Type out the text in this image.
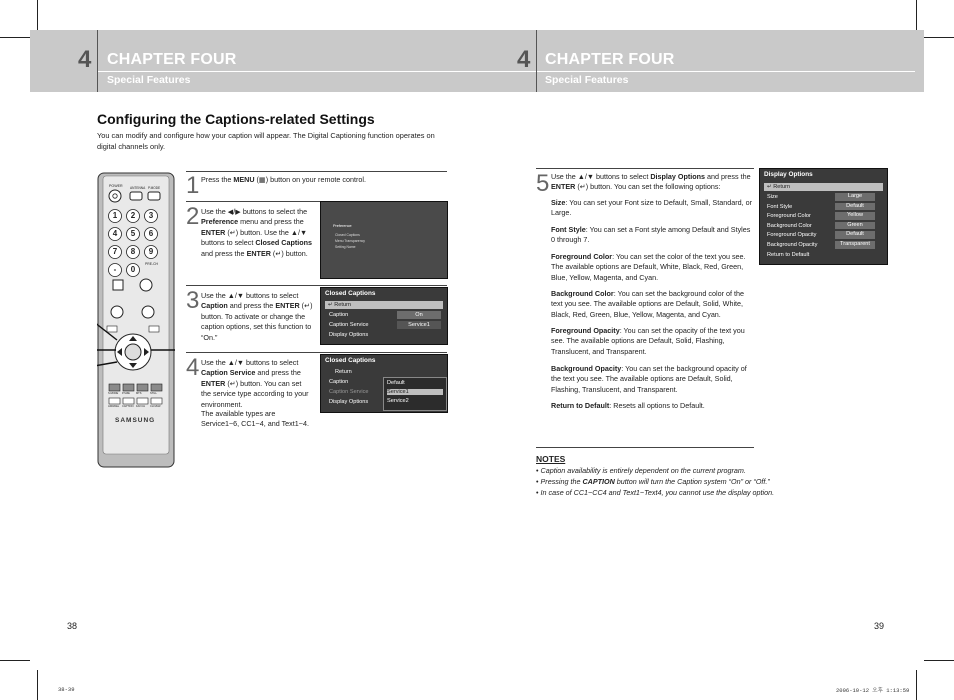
4 CHAPTER FOUR
Special Features
4 CHAPTER FOUR
Special Features
Configuring the Captions-related Settings
You can modify and configure how your caption will appear. The Digital Captioning function operates on digital channels only.
POWER ANTENNA P.MODE
1	2	3
4	5	6
7	8	9
-	0
PRE-CH
S.MODE P.SIZE MTS	STILL
ADD/DEL CAPTION FAV.CH CH MGR
SAMSUNG
1 Press the MENU (▦) button on your remote control.
2 Use the ◀/▶ buttons to select the Preference menu and press the ENTER (↵) button. Use the ▲/▼ buttons to select Closed Captions and press the ENTER (↵) button.
3 Use the ▲/▼ buttons to select Caption and press the ENTER (↵) button. To activate or change the caption options, set this function to “On.”
4 Use the ▲/▼ buttons to select Caption Service and press the ENTER (↵) button. You can set the service type according to your environment.
The available types are Service1~6, CC1~4, and Text1~4.
Preference
Closed Captions
Menu Transparency
Setting Name
Closed Captions
↵ Return
Caption	On
Caption Service	Service1
Display Options
Closed Captions
Return
Caption
Caption Service
Display Options
Default
Service1
Service2
5 Use the ▲/▼ buttons to select Display Options and press the ENTER (↵) button. You can set the following options:
Display Options
↵ Return
Size	Large
Font Style	Default
Foreground Color	Yellow
Background Color	Green
Foreground Opacity	Default
Background Opacity	Transparent
Return to Default
Size: You can set your Font size to Default, Small, Standard, or Large.
Font Style: You can set a Font style among Default and Styles 0 through 7.
Foreground Color: You can set the color of the text you see. The available options are Default, White, Black, Red, Green, Blue, Yellow, Magenta, and Cyan.
Background Color: You can set the background color of the text you see. The available options are Default, Solid, White, Black, Red, Green, Blue, Yellow, Magenta, and Cyan.
Foreground Opacity: You can set the opacity of the text you see. The available options are Default, Solid, Flashing, Translucent, and Transparent.
Background Opacity: You can set the background opacity of the text you see. The available options are Default, Solid, Flashing, Translucent, and Transparent.
Return to Default: Resets all options to Default.
NOTES
• Caption availability is entirely dependent on the current program.
• Pressing the CAPTION button will turn the Caption system “On” or “Off.”
• In case of CC1~CC4 and Text1~Text4, you cannot use the display option.
38	39
38-39	2006-10-12 오후 1:13:59
